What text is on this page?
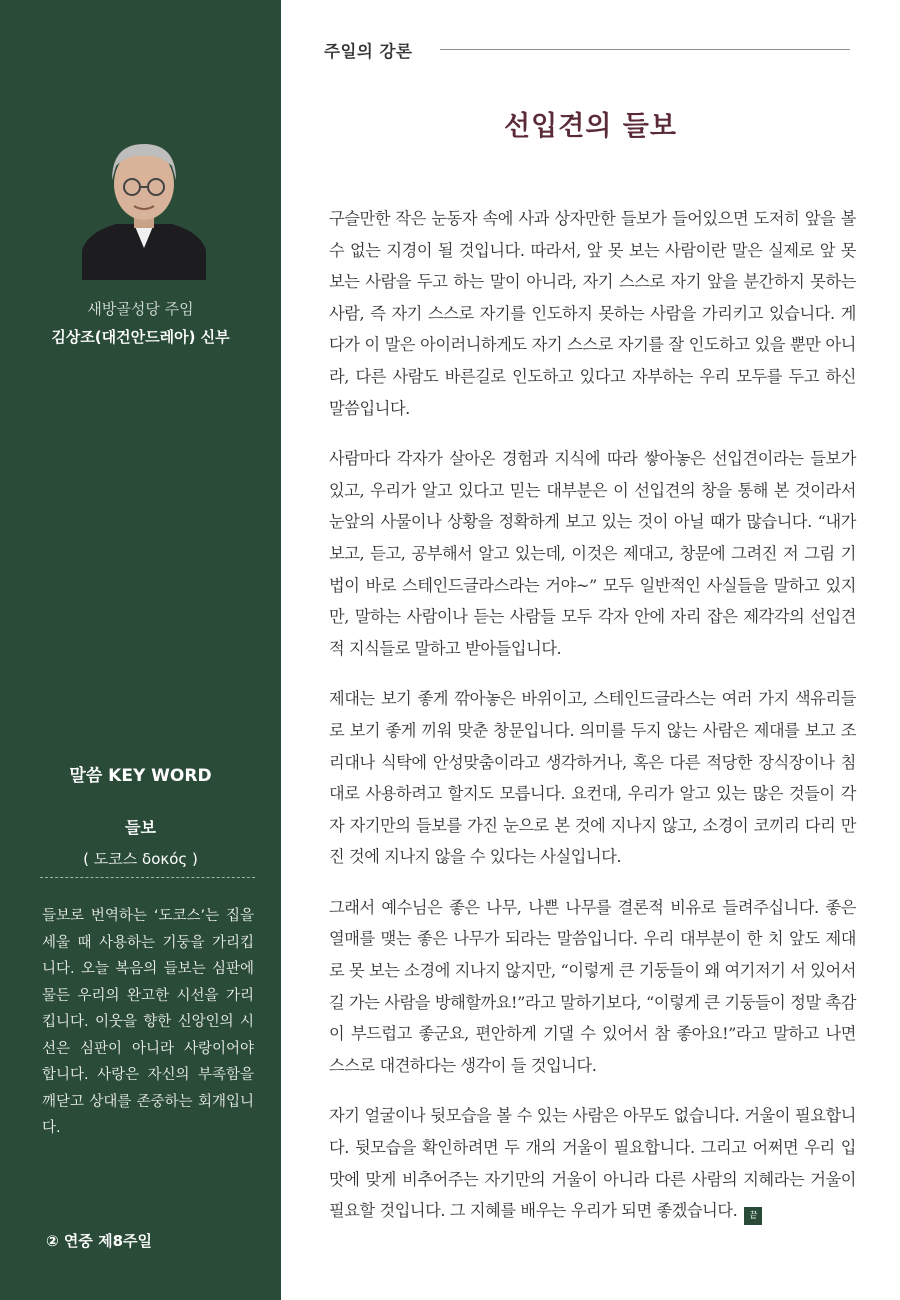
새방골성당 주임
김상조(대건안드레아) 신부
말씀 KEY WORD
들보
( 도코스 δοκός )
들보로 번역하는 ‘도코스’는 집을 세울 때 사용하는 기둥을 가리킵니다. 오늘 복음의 들보는 심판에 물든 우리의 완고한 시선을 가리킵니다. 이웃을 향한 신앙인의 시선은 심판이 아니라 사랑이어야 합니다. 사랑은 자신의 부족함을 깨닫고 상대를 존중하는 회개입니다.
② 연중 제8주일
주일의 강론
선입견의 들보

구슬만한 작은 눈동자 속에 사과 상자만한 들보가 들어있으면 도저히 앞을 볼 수 없는 지경이 될 것입니다. 따라서, 앞 못 보는 사람이란 말은 실제로 앞 못 보는 사람을 두고 하는 말이 아니라, 자기 스스로 자기 앞을 분간하지 못하는 사람, 즉 자기 스스로 자기를 인도하지 못하는 사람을 가리키고 있습니다. 게다가 이 말은 아이러니하게도 자기 스스로 자기를 잘 인도하고 있을 뿐만 아니라, 다른 사람도 바른길로 인도하고 있다고 자부하는 우리 모두를 두고 하신 말씀입니다.

사람마다 각자가 살아온 경험과 지식에 따라 쌓아놓은 선입견이라는 들보가 있고, 우리가 알고 있다고 믿는 대부분은 이 선입견의 창을 통해 본 것이라서 눈앞의 사물이나 상황을 정확하게 보고 있는 것이 아닐 때가 많습니다. “내가 보고, 듣고, 공부해서 알고 있는데, 이것은 제대고, 창문에 그려진 저 그림 기법이 바로 스테인드글라스라는 거야~” 모두 일반적인 사실들을 말하고 있지만, 말하는 사람이나 듣는 사람들 모두 각자 안에 자리 잡은 제각각의 선입견적 지식들로 말하고 받아들입니다.

제대는 보기 좋게 깎아놓은 바위이고, 스테인드글라스는 여러 가지 색유리들로 보기 좋게 끼워 맞춘 창문입니다. 의미를 두지 않는 사람은 제대를 보고 조리대나 식탁에 안성맞춤이라고 생각하거나, 혹은 다른 적당한 장식장이나 침대로 사용하려고 할지도 모릅니다. 요컨대, 우리가 알고 있는 많은 것들이 각자 자기만의 들보를 가진 눈으로 본 것에 지나지 않고, 소경이 코끼리 다리 만진 것에 지나지 않을 수 있다는 사실입니다.

그래서 예수님은 좋은 나무, 나쁜 나무를 결론적 비유로 들려주십니다. 좋은 열매를 맺는 좋은 나무가 되라는 말씀입니다. 우리 대부분이 한 치 앞도 제대로 못 보는 소경에 지나지 않지만, “이렇게 큰 기둥들이 왜 여기저기 서 있어서 길 가는 사람을 방해할까요!”라고 말하기보다, “이렇게 큰 기둥들이 정말 촉감이 부드럽고 좋군요, 편안하게 기댈 수 있어서 참 좋아요!”라고 말하고 나면 스스로 대견하다는 생각이 들 것입니다.

자기 얼굴이나 뒷모습을 볼 수 있는 사람은 아무도 없습니다. 거울이 필요합니다. 뒷모습을 확인하려면 두 개의 거울이 필요합니다. 그리고 어쩌면 우리 입맛에 맞게 비추어주는 자기만의 거울이 아니라 다른 사람의 지혜라는 거울이 필요할 것입니다. 그 지혜를 배우는 우리가 되면 좋겠습니다. 끝
